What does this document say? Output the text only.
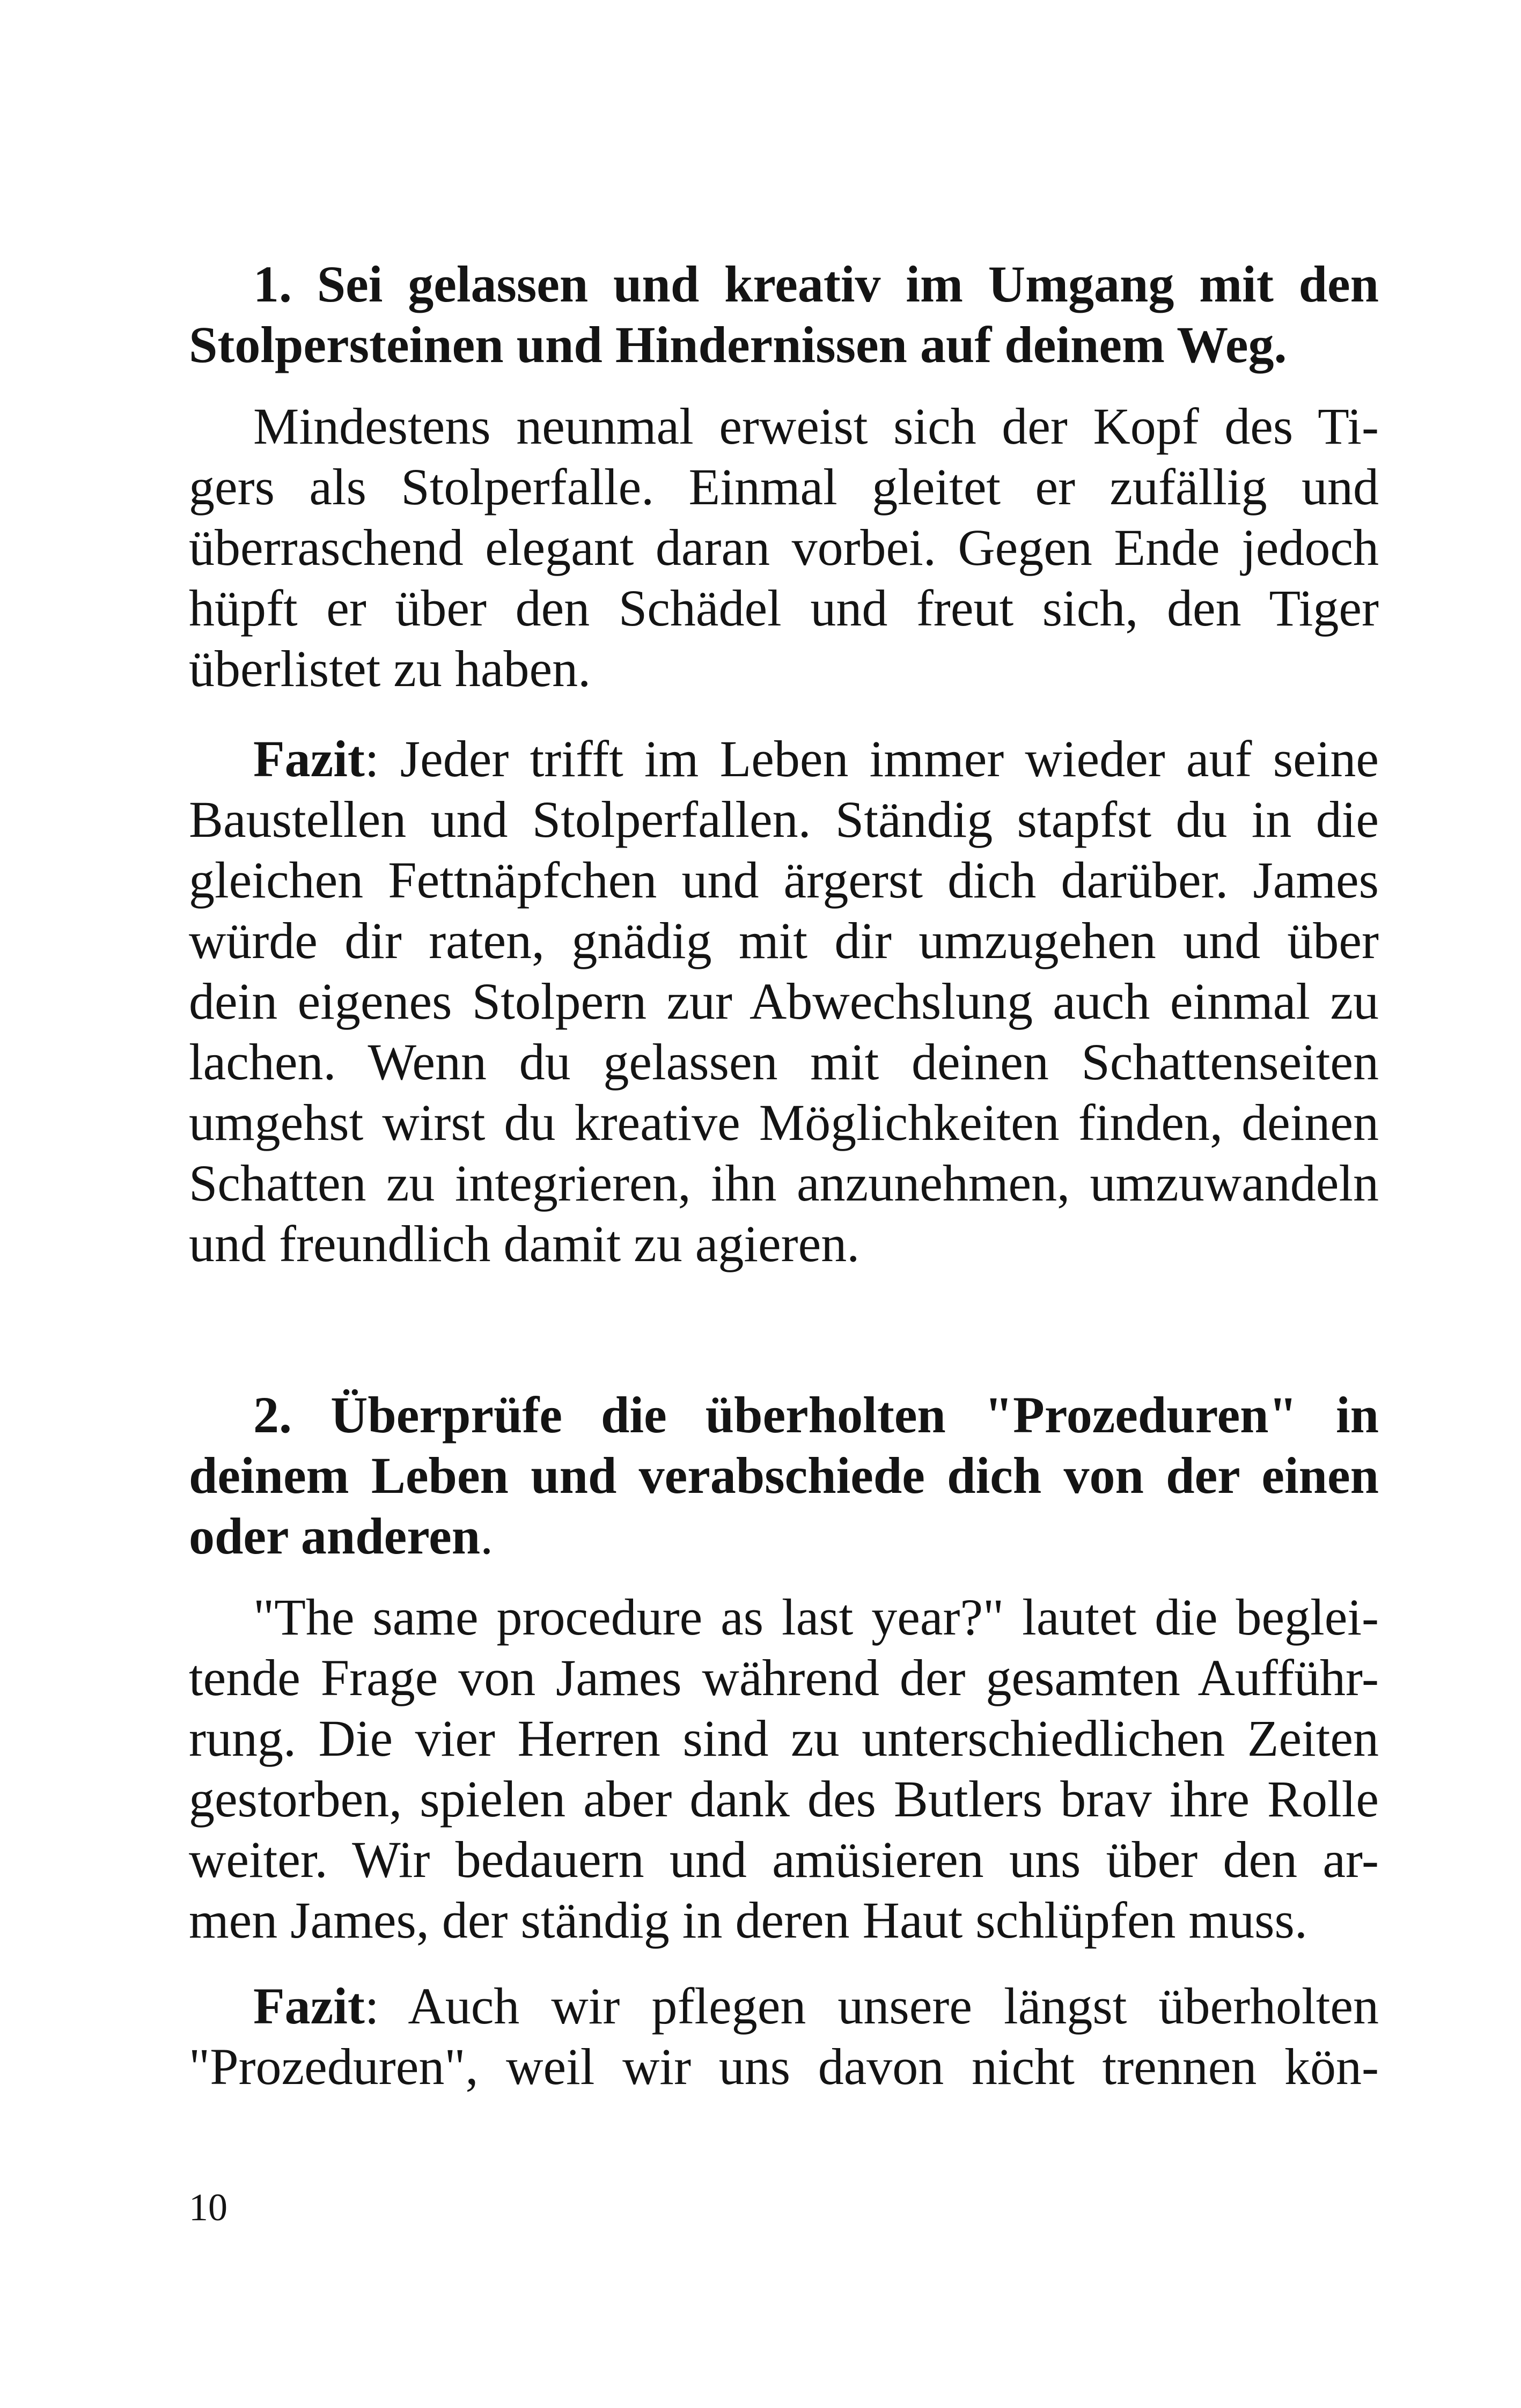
1. Sei gelassen und kreativ im Umgang mit den
Stolpersteinen und Hindernissen auf deinem Weg.
Mindestens neunmal erweist sich der Kopf des Ti-
gers als Stolperfalle. Einmal gleitet er zufällig und
überraschend elegant daran vorbei. Gegen Ende jedoch
hüpft er über den Schädel und freut sich, den Tiger
überlistet zu haben.
Fazit: Jeder trifft im Leben immer wieder auf seine
Baustellen und Stolperfallen. Ständig stapfst du in die
gleichen Fettnäpfchen und ärgerst dich darüber. James
würde dir raten, gnädig mit dir umzugehen und über
dein eigenes Stolpern zur Abwechslung auch einmal zu
lachen. Wenn du gelassen mit deinen Schattenseiten
umgehst wirst du kreative Möglichkeiten finden, deinen
Schatten zu integrieren, ihn anzunehmen, umzuwandeln
und freundlich damit zu agieren.
2. Überprüfe die überholten "Prozeduren" in
deinem Leben und verabschiede dich von der einen
oder anderen.
"The same procedure as last year?" lautet die beglei-
tende Frage von James während der gesamten Aufführ-
rung. Die vier Herren sind zu unterschiedlichen Zeiten
gestorben, spielen aber dank des Butlers brav ihre Rolle
weiter. Wir bedauern und amüsieren uns über den ar-
men James, der ständig in deren Haut schlüpfen muss.
Fazit: Auch wir pflegen unsere längst überholten
"Prozeduren", weil wir uns davon nicht trennen kön-
10
